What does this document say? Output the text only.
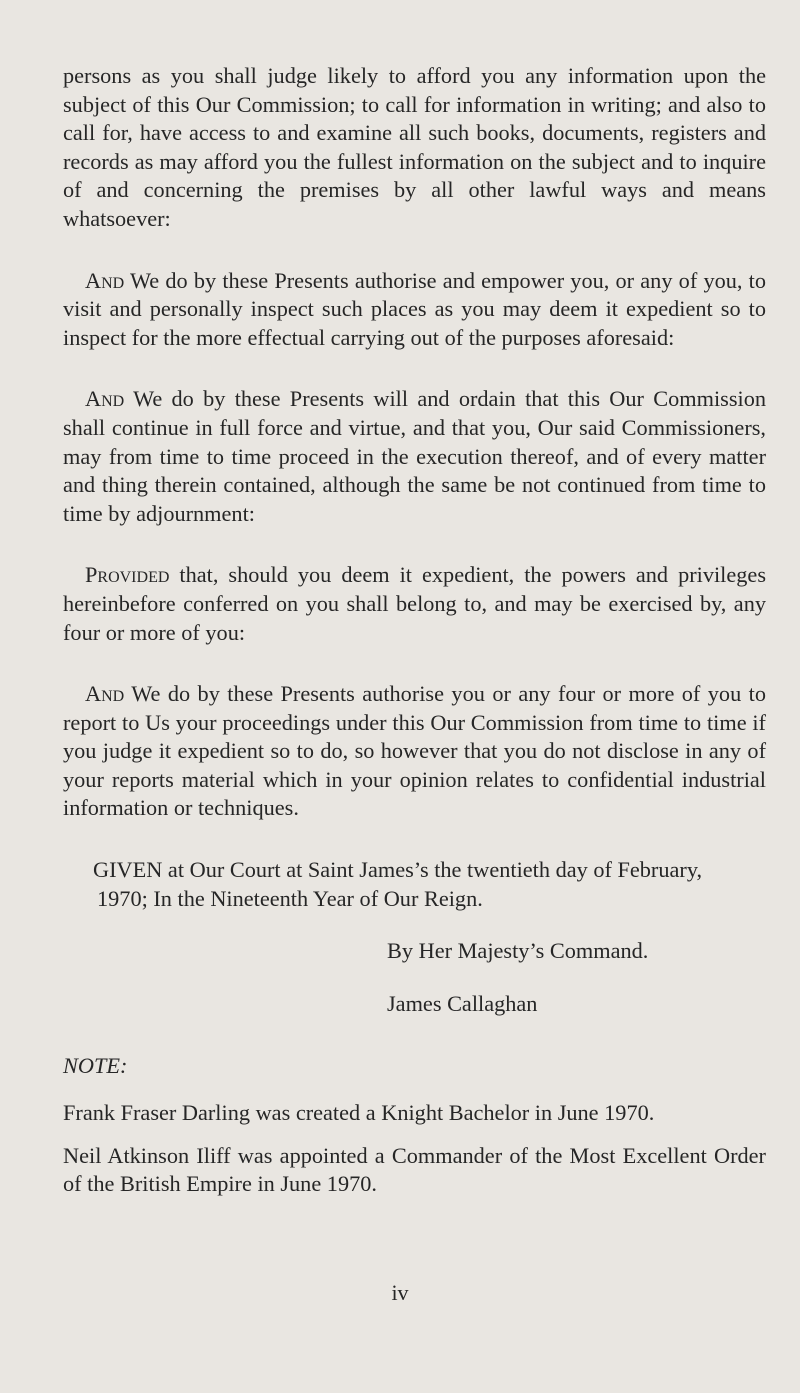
persons as you shall judge likely to afford you any information upon the subject of this Our Commission; to call for information in writing; and also to call for, have access to and examine all such books, documents, registers and records as may afford you the fullest information on the subject and to inquire of and concerning the premises by all other lawful ways and means whatsoever:

And We do by these Presents authorise and empower you, or any of you, to visit and personally inspect such places as you may deem it expedient so to inspect for the more effectual carrying out of the purposes aforesaid:

And We do by these Presents will and ordain that this Our Commission shall continue in full force and virtue, and that you, Our said Commissioners, may from time to time proceed in the execution thereof, and of every matter and thing therein contained, although the same be not continued from time to time by adjournment:

Provided that, should you deem it expedient, the powers and privileges hereinbefore conferred on you shall belong to, and may be exercised by, any four or more of you:

And We do by these Presents authorise you or any four or more of you to report to Us your proceedings under this Our Commission from time to time if you judge it expedient so to do, so however that you do not disclose in any of your reports material which in your opinion relates to confidential industrial information or techniques.

GIVEN at Our Court at Saint James’s the twentieth day of February,
1970; In the Nineteenth Year of Our Reign.

By Her Majesty’s Command.

James Callaghan

NOTE:

Frank Fraser Darling was created a Knight Bachelor in June 1970.

Neil Atkinson Iliff was appointed a Commander of the Most Excellent Order of the British Empire in June 1970.

iv
